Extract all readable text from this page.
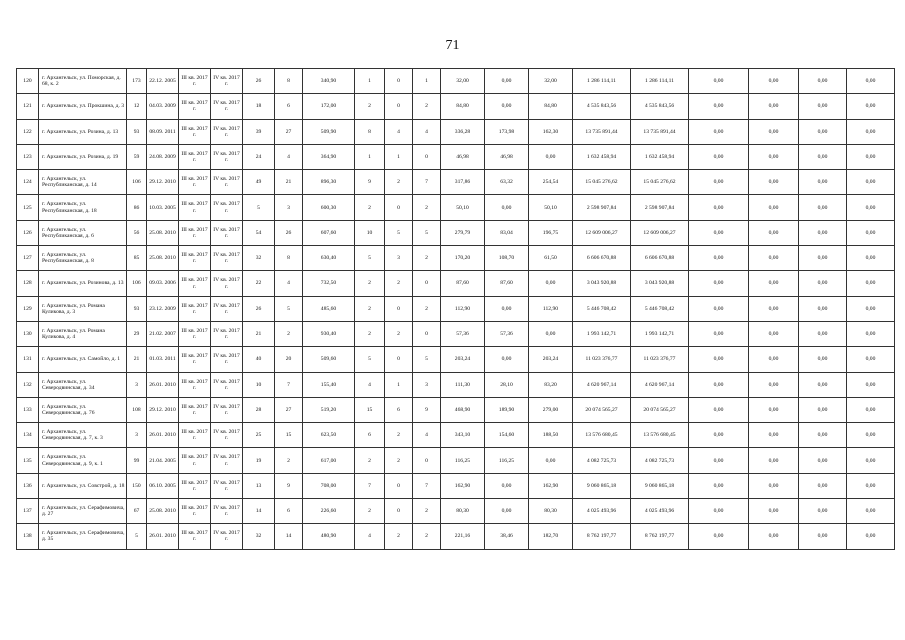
71
120	г. Архангельск, ул. Поморская, д. 68, к. 2	173	22.12. 2005	III кв. 2017 г.	IV кв. 2017 г.	26	8	340,90	1	0	1	32,00	0,00	32,00	1 286 114,11	1 286 114,11	0,00	0,00	0,00	0,00
121	г. Архангельск, ул. Прокшина, д. 3	12	04.03. 2009	III кв. 2017 г.	IV кв. 2017 г.	18	6	172,00	2	0	2	84,80	0,00	84,80	4 535 843,56	4 535 843,56	0,00	0,00	0,00	0,00
122	г. Архангельск, ул. Розина, д. 13	93	08.09. 2011	III кв. 2017 г.	IV кв. 2017 г.	39	27	509,90	8	4	4	336,28	173,98	162,30	13 735 891,44	13 735 891,44	0,00	0,00	0,00	0,00
123	г. Архангельск, ул. Розина, д. 19	59	24.08. 2009	III кв. 2017 г.	IV кв. 2017 г.	24	4	364,90	1	1	0	46,98	46,98	0,00	1 632 458,94	1 632 458,94	0,00	0,00	0,00	0,00
124	г. Архангельск, ул. Республиканская, д. 14	106	29.12. 2010	III кв. 2017 г.	IV кв. 2017 г.	49	21	896,30	9	2	7	317,86	63,32	254,54	15 045 276,62	15 045 276,62	0,00	0,00	0,00	0,00
125	г. Архангельск, ул. Республиканская, д. 18	86	10.03. 2005	III кв. 2017 г.	IV кв. 2017 г.	5	3	600,30	2	0	2	50,10	0,00	50,10	2 598 907,84	2 598 907,84	0,00	0,00	0,00	0,00
126	г. Архангельск, ул. Республиканская, д. 6	56	25.08. 2010	III кв. 2017 г.	IV кв. 2017 г.	54	26	607,60	10	5	5	279,79	83,04	196,75	12 609 006,27	12 609 006,27	0,00	0,00	0,00	0,00
127	г. Архангельск, ул. Республиканская, д. 8	85	25.08. 2010	III кв. 2017 г.	IV кв. 2017 г.	32	8	630,40	5	3	2	170,20	108,70	61,50	6 606 670,88	6 606 670,88	0,00	0,00	0,00	0,00
128	г. Архангельск, ул. Розинова, д. 13	106	09.03. 2006	III кв. 2017 г.	IV кв. 2017 г.	22	4	732,50	2	2	0	87,60	87,60	0,00	3 043 920,88	3 043 920,88	0,00	0,00	0,00	0,00
129	г. Архангельск, ул. Романа Куликова, д. 3	93	23.12. 2009	III кв. 2017 г.	IV кв. 2017 г.	26	5	485,60	2	0	2	112,90	0,00	112,90	5 446 708,42	5 446 708,42	0,00	0,00	0,00	0,00
130	г. Архангельск, ул. Романа Куликова, д. 4	29	21.02. 2007	III кв. 2017 г.	IV кв. 2017 г.	21	2	930,40	2	2	0	57,36	57,36	0,00	1 993 142,71	1 993 142,71	0,00	0,00	0,00	0,00
131	г. Архангельск, ул. Самойло, д. 1	21	01.03. 2011	III кв. 2017 г.	IV кв. 2017 г.	40	20	509,60	5	0	5	203,24	0,00	203,24	11 023 376,77	11 023 376,77	0,00	0,00	0,00	0,00
132	г. Архангельск, ул. Северодвинская, д. 34	3	26.01. 2010	III кв. 2017 г.	IV кв. 2017 г.	10	7	155,40	4	1	3	111,30	28,10	83,20	4 620 967,14	4 620 967,14	0,00	0,00	0,00	0,00
133	г. Архангельск, ул. Северодвинская, д. 76	108	29.12. 2010	III кв. 2017 г.	IV кв. 2017 г.	28	27	519,20	15	6	9	468,90	189,90	279,00	20 074 565,27	20 074 565,27	0,00	0,00	0,00	0,00
134	г. Архангельск, ул. Северодвинская, д. 7, к. 3	3	26.01. 2010	III кв. 2017 г.	IV кв. 2017 г.	25	15	623,50	6	2	4	343,10	154,60	188,50	13 576 680,45	13 576 680,45	0,00	0,00	0,00	0,00
135	г. Архангельск, ул. Северодвинская, д. 9, к. 1	99	21.04. 2005	III кв. 2017 г.	IV кв. 2017 г.	19	2	617,00	2	2	0	116,25	116,25	0,00	4 082 725,73	4 082 725,73	0,00	0,00	0,00	0,00
136	г. Архангельск, ул. Совстрой, д. 18	150	06.10. 2005	III кв. 2017 г.	IV кв. 2017 г.	13	9	708,00	7	0	7	162,90	0,00	162,90	9 060 865,18	9 060 865,18	0,00	0,00	0,00	0,00
137	г. Архангельск, ул. Серафимовича, д. 27	67	25.08. 2010	III кв. 2017 г.	IV кв. 2017 г.	14	6	226,60	2	0	2	80,30	0,00	80,30	4 025 493,96	4 025 493,96	0,00	0,00	0,00	0,00
138	г. Архангельск, ул. Серафимовича, д. 35	5	26.01. 2010	III кв. 2017 г.	IV кв. 2017 г.	32	14	480,90	4	2	2	221,16	38,46	182,70	8 762 197,77	8 762 197,77	0,00	0,00	0,00	0,00
